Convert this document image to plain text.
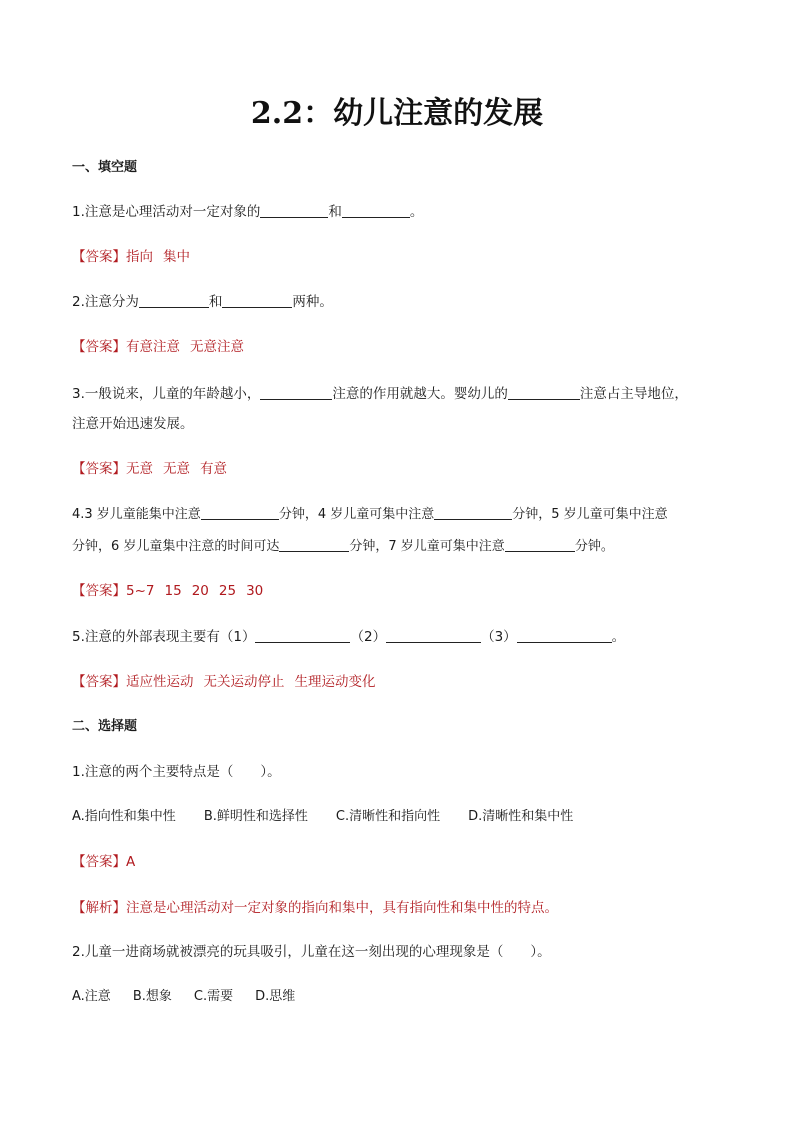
2.2：幼儿注意的发展
一、填空题
1.注意是心理活动对一定对象的	和	。
【答案】指向 集中
2.注意分为	和	两种。
【答案】有意注意 无意注意
3.一般说来，儿童的年龄越小，	注意的作用就越大。婴幼儿的	注意占主导地位，
注意开始迅速发展。
【答案】无意 无意 有意
4.3 岁儿童能集中注意	分钟，4 岁儿童可集中注意	分钟，5 岁儿童可集中注意
分钟，6 岁儿童集中注意的时间可达	分钟，7 岁儿童可集中注意	分钟。
【答案】5~7 15 20 25 30
5.注意的外部表现主要有（1）	（2）	（3）	。
【答案】适应性运动 无关运动停止 生理运动变化
二、选择题
1.注意的两个主要特点是（　　）。
A.指向性和集中性 B.鲜明性和选择性 C.清晰性和指向性 D.清晰性和集中性
【答案】A
【解析】注意是心理活动对一定对象的指向和集中，具有指向性和集中性的特点。
2.儿童一进商场就被漂亮的玩具吸引，儿童在这一刻出现的心理现象是（　　）。
A.注意 B.想象 C.需要 D.思维
